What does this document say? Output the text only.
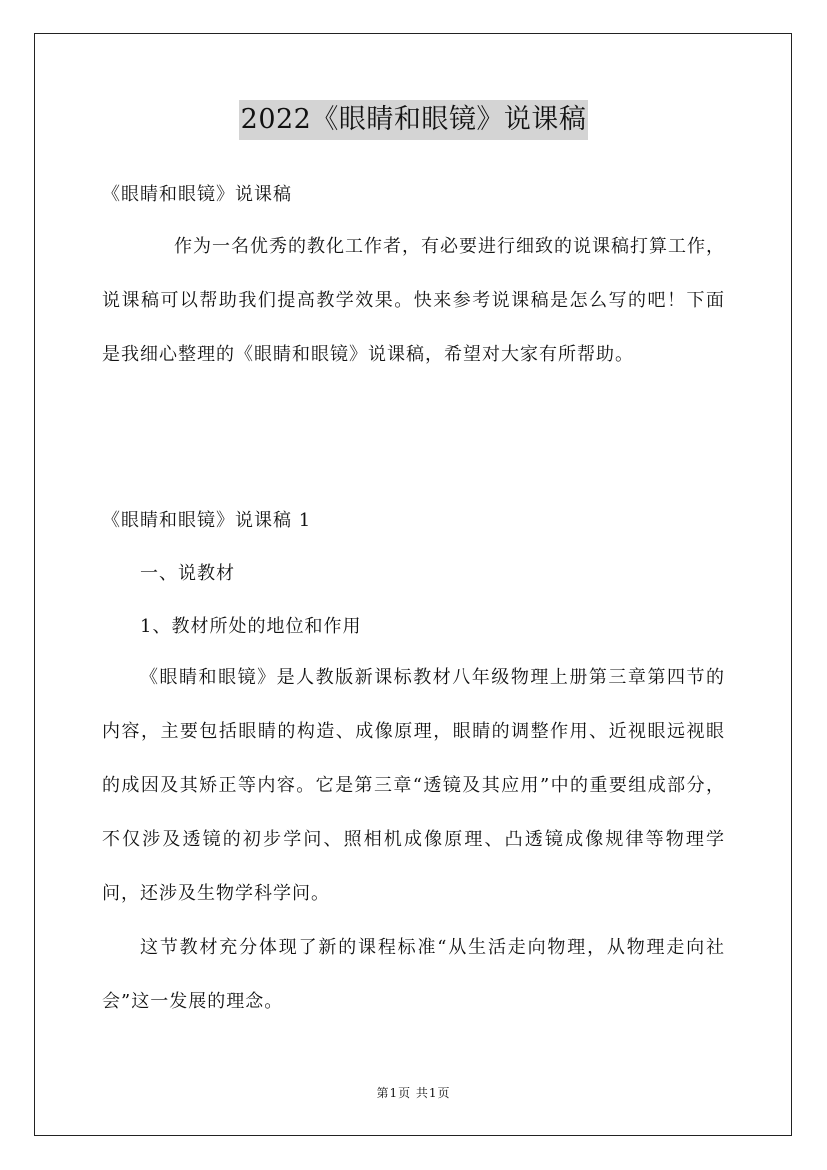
2022《眼睛和眼镜》说课稿

《眼睛和眼镜》说课稿

作为一名优秀的教化工作者，有必要进行细致的说课稿打算工作，说课稿可以帮助我们提高教学效果。快来参考说课稿是怎么写的吧！下面是我细心整理的《眼睛和眼镜》说课稿，希望对大家有所帮助。

《眼睛和眼镜》说课稿 1

一、说教材

1、教材所处的地位和作用

《眼睛和眼镜》是人教版新课标教材八年级物理上册第三章第四节的内容，主要包括眼睛的构造、成像原理，眼睛的调整作用、近视眼远视眼的成因及其矫正等内容。它是第三章“透镜及其应用”中的重要组成部分，不仅涉及透镜的初步学问、照相机成像原理、凸透镜成像规律等物理学问，还涉及生物学科学问。

这节教材充分体现了新的课程标准“从生活走向物理，从物理走向社会”这一发展的理念。

第1页 共1页
